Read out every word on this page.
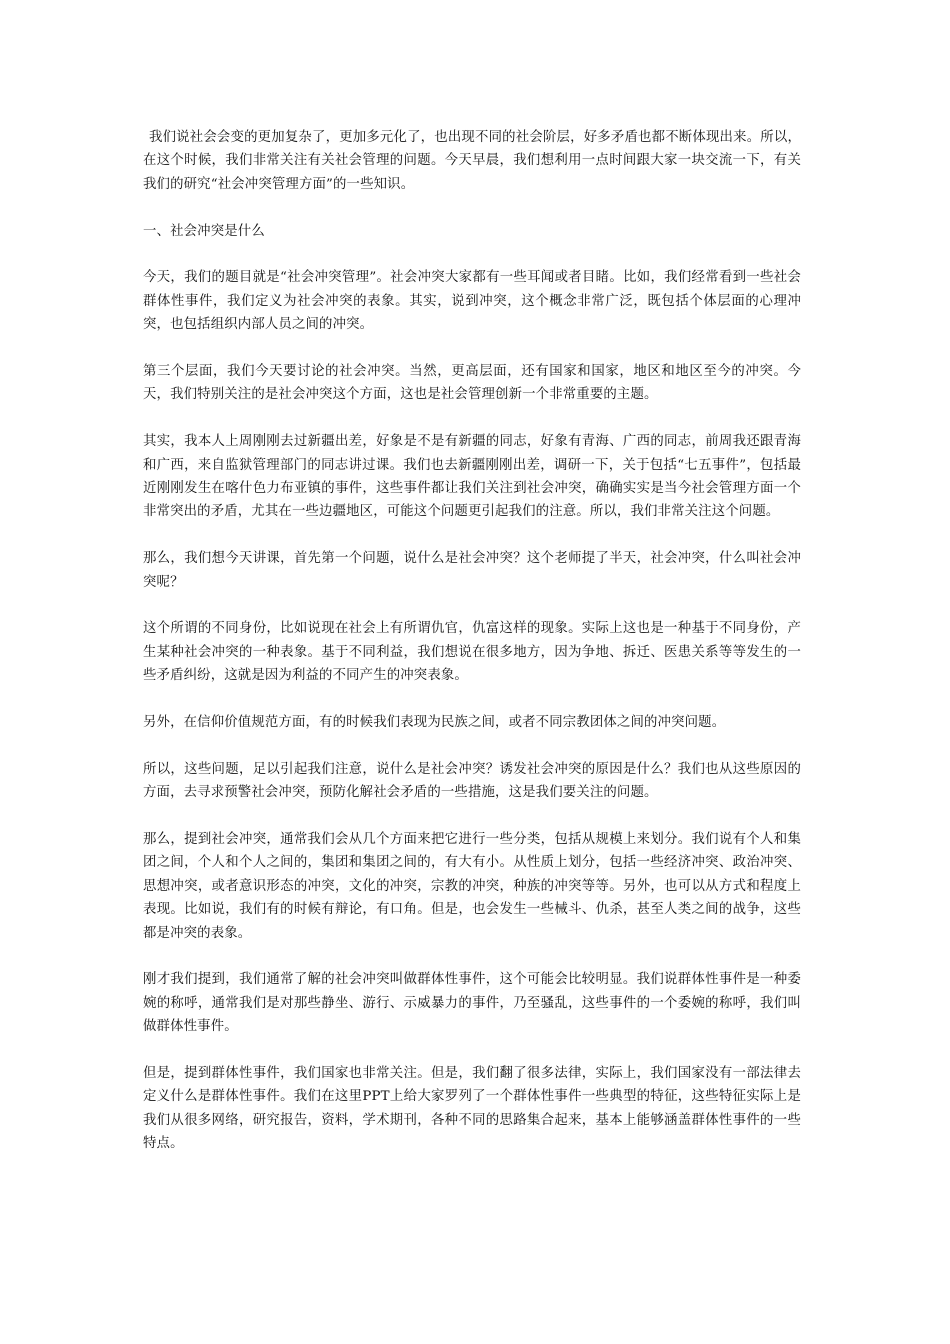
我们说社会会变的更加复杂了，更加多元化了，也出现不同的社会阶层，好多矛盾也都不断体现出来。所以，在这个时候，我们非常关注有关社会管理的问题。今天早晨，我们想利用一点时间跟大家一块交流一下，有关我们的研究“社会冲突管理方面”的一些知识。

一、社会冲突是什么

今天，我们的题目就是“社会冲突管理”。社会冲突大家都有一些耳闻或者目睹。比如，我们经常看到一些社会群体性事件，我们定义为社会冲突的表象。其实，说到冲突，这个概念非常广泛，既包括个体层面的心理冲突，也包括组织内部人员之间的冲突。

第三个层面，我们今天要讨论的社会冲突。当然，更高层面，还有国家和国家，地区和地区至今的冲突。今天，我们特别关注的是社会冲突这个方面，这也是社会管理创新一个非常重要的主题。

其实，我本人上周刚刚去过新疆出差，好象是不是有新疆的同志，好象有青海、广西的同志，前周我还跟青海和广西，来自监狱管理部门的同志讲过课。我们也去新疆刚刚出差，调研一下，关于包括“七五事件”，包括最近刚刚发生在喀什色力布亚镇的事件，这些事件都让我们关注到社会冲突，确确实实是当今社会管理方面一个非常突出的矛盾，尤其在一些边疆地区，可能这个问题更引起我们的注意。所以，我们非常关注这个问题。

那么，我们想今天讲课，首先第一个问题，说什么是社会冲突？这个老师提了半天，社会冲突，什么叫社会冲突呢？

这个所谓的不同身份，比如说现在社会上有所谓仇官，仇富这样的现象。实际上这也是一种基于不同身份，产生某种社会冲突的一种表象。基于不同利益，我们想说在很多地方，因为争地、拆迁、医患关系等等发生的一些矛盾纠纷，这就是因为利益的不同产生的冲突表象。

另外，在信仰价值规范方面，有的时候我们表现为民族之间，或者不同宗教团体之间的冲突问题。

所以，这些问题，足以引起我们注意，说什么是社会冲突？诱发社会冲突的原因是什么？我们也从这些原因的方面，去寻求预警社会冲突，预防化解社会矛盾的一些措施，这是我们要关注的问题。

那么，提到社会冲突，通常我们会从几个方面来把它进行一些分类，包括从规模上来划分。我们说有个人和集团之间，个人和个人之间的，集团和集团之间的，有大有小。从性质上划分，包括一些经济冲突、政治冲突、思想冲突，或者意识形态的冲突，文化的冲突，宗教的冲突，种族的冲突等等。另外，也可以从方式和程度上表现。比如说，我们有的时候有辩论，有口角。但是，也会发生一些械斗、仇杀，甚至人类之间的战争，这些都是冲突的表象。

刚才我们提到，我们通常了解的社会冲突叫做群体性事件，这个可能会比较明显。我们说群体性事件是一种委婉的称呼，通常我们是对那些静坐、游行、示威暴力的事件，乃至骚乱，这些事件的一个委婉的称呼，我们叫做群体性事件。

但是，提到群体性事件，我们国家也非常关注。但是，我们翻了很多法律，实际上，我们国家没有一部法律去定义什么是群体性事件。我们在这里PPT上给大家罗列了一个群体性事件一些典型的特征，这些特征实际上是我们从很多网络，研究报告，资料，学术期刊，各种不同的思路集合起来，基本上能够涵盖群体性事件的一些特点。
